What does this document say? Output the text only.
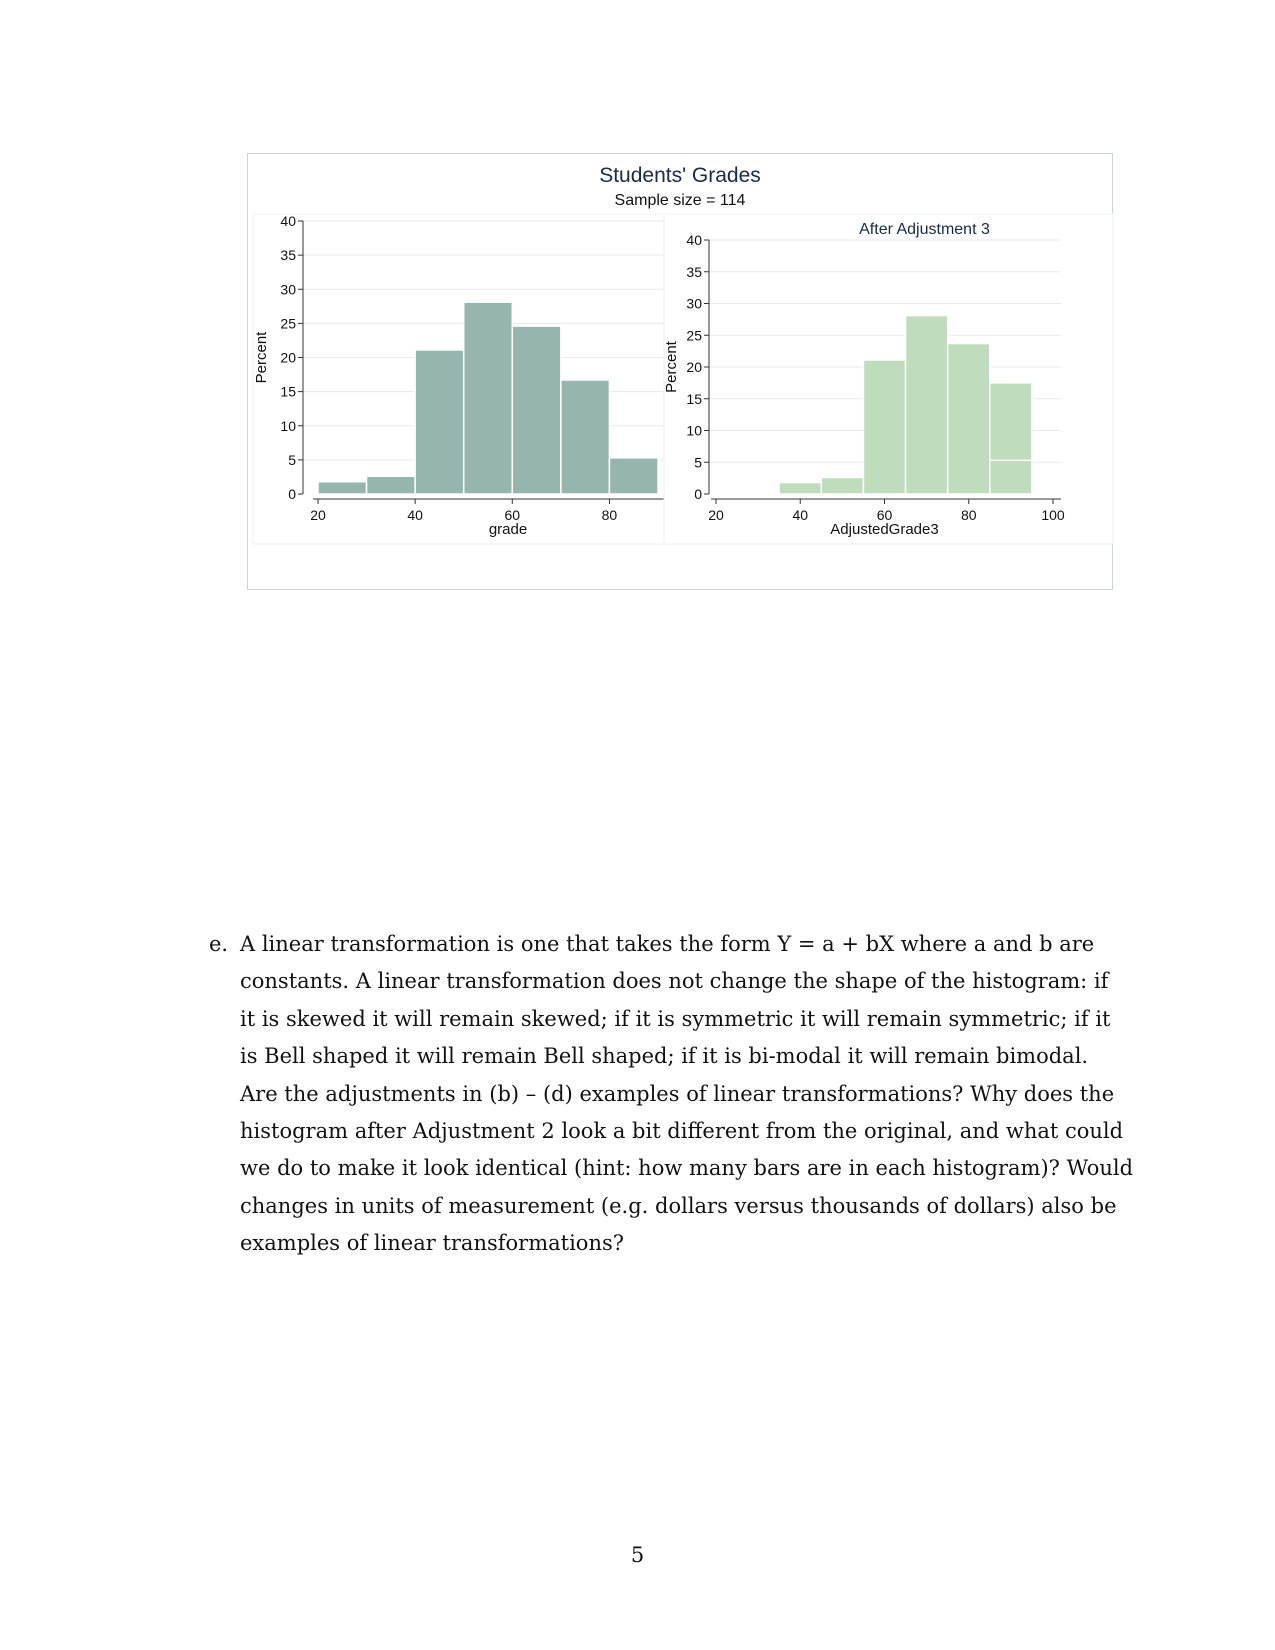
Students' Grades
Sample size = 114
0
5
10
15
20
25
30
35
40
20	40	60	80
grade
Percent
0
5
10
15
20
25
30
35
40
20	40	60	80	100
AdjustedGrade3
Percent
After Adjustment 3
e. A linear transformation is one that takes the form Y = a + bX where a and b are
constants. A linear transformation does not change the shape of the histogram: if
it is skewed it will remain skewed; if it is symmetric it will remain symmetric; if it
is Bell shaped it will remain Bell shaped; if it is bi-modal it will remain bimodal.
Are the adjustments in (b) – (d) examples of linear transformations? Why does the
histogram after Adjustment 2 look a bit different from the original, and what could
we do to make it look identical (hint: how many bars are in each histogram)? Would
changes in units of measurement (e.g. dollars versus thousands of dollars) also be
examples of linear transformations?
5
